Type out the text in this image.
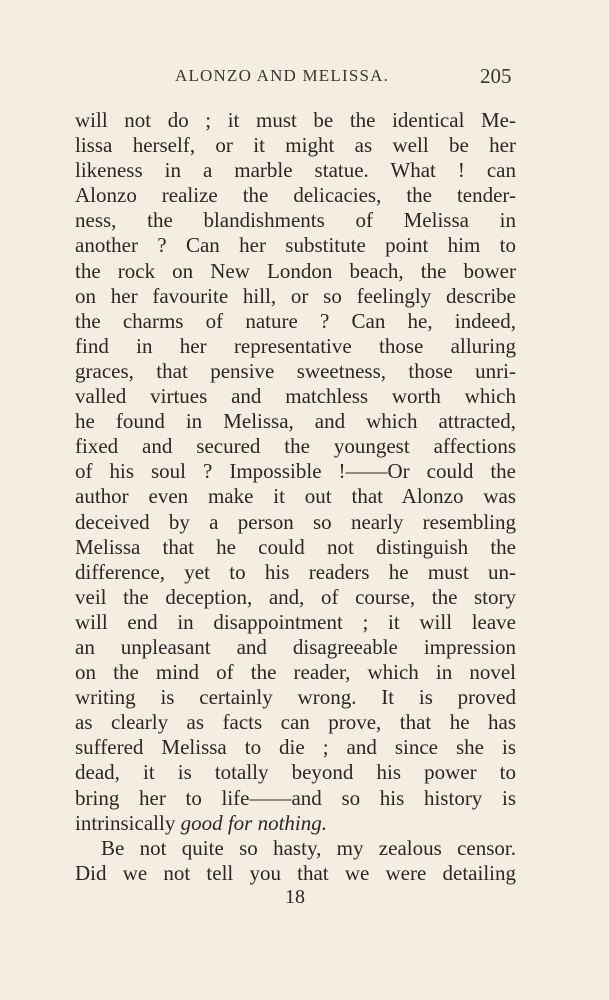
ALONZO AND MELISSA.	205
will not do ; it must be the identical Me-
lissa herself, or it might as well be her
likeness in a marble statue. What ! can
Alonzo realize the delicacies, the tender-
ness, the blandishments of Melissa in
another ? Can her substitute point him to
the rock on New London beach, the bower
on her favourite hill, or so feelingly describe
the charms of nature ? Can he, indeed,
find in her representative those alluring
graces, that pensive sweetness, those unri-
valled virtues and matchless worth which
he found in Melissa, and which attracted,
fixed and secured the youngest affections
of his soul ? Impossible !——Or could the
author even make it out that Alonzo was
deceived by a person so nearly resembling
Melissa that he could not distinguish the
difference, yet to his readers he must un-
veil the deception, and, of course, the story
will end in disappointment ; it will leave
an unpleasant and disagreeable impression
on the mind of the reader, which in novel
writing is certainly wrong. It is proved
as clearly as facts can prove, that he has
suffered Melissa to die ; and since she is
dead, it is totally beyond his power to
bring her to life——and so his history is
intrinsically good for nothing.
Be not quite so hasty, my zealous censor.
Did we not tell you that we were detailing
18
